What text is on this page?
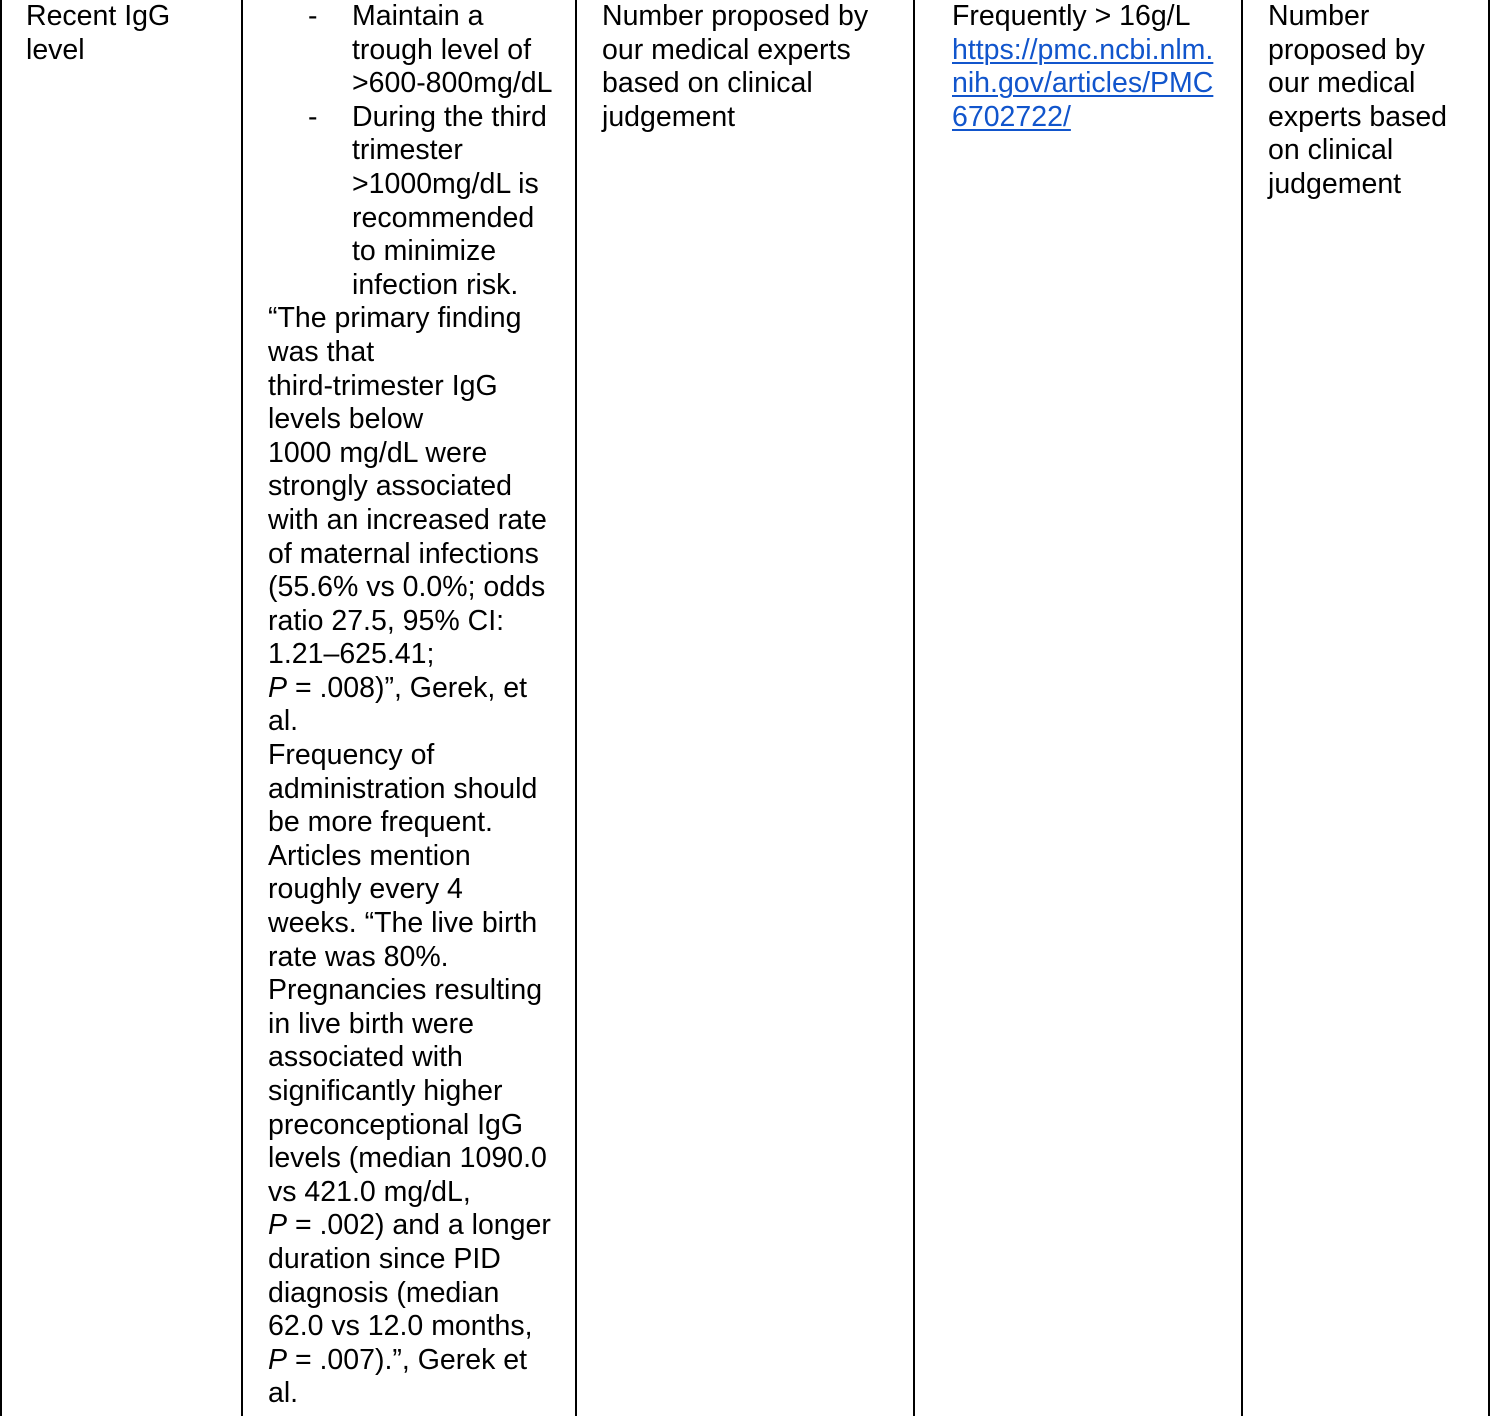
Recent IgG
level
- Maintain a
trough level of
>600-800mg/dL
- During the third
trimester
>1000mg/dL is
recommended
to minimize
infection risk.
“The primary finding
was that
third-trimester IgG
levels below
1000 mg/dL were
strongly associated
with an increased rate
of maternal infections
(55.6% vs 0.0%; odds
ratio 27.5, 95% CI:
1.21–625.41;
P = .008)”, Gerek, et
al.
Frequency of
administration should
be more frequent.
Articles mention
roughly every 4
weeks. “The live birth
rate was 80%.
Pregnancies resulting
in live birth were
associated with
significantly higher
preconceptional IgG
levels (median 1090.0
vs 421.0 mg/dL,
P = .002) and a longer
duration since PID
diagnosis (median
62.0 vs 12.0 months,
P = .007).”, Gerek et
al.
Number proposed by
our medical experts
based on clinical
judgement
Frequently > 16g/L
https://pmc.ncbi.nlm.
nih.gov/articles/PMC
6702722/
Number
proposed by
our medical
experts based
on clinical
judgement
